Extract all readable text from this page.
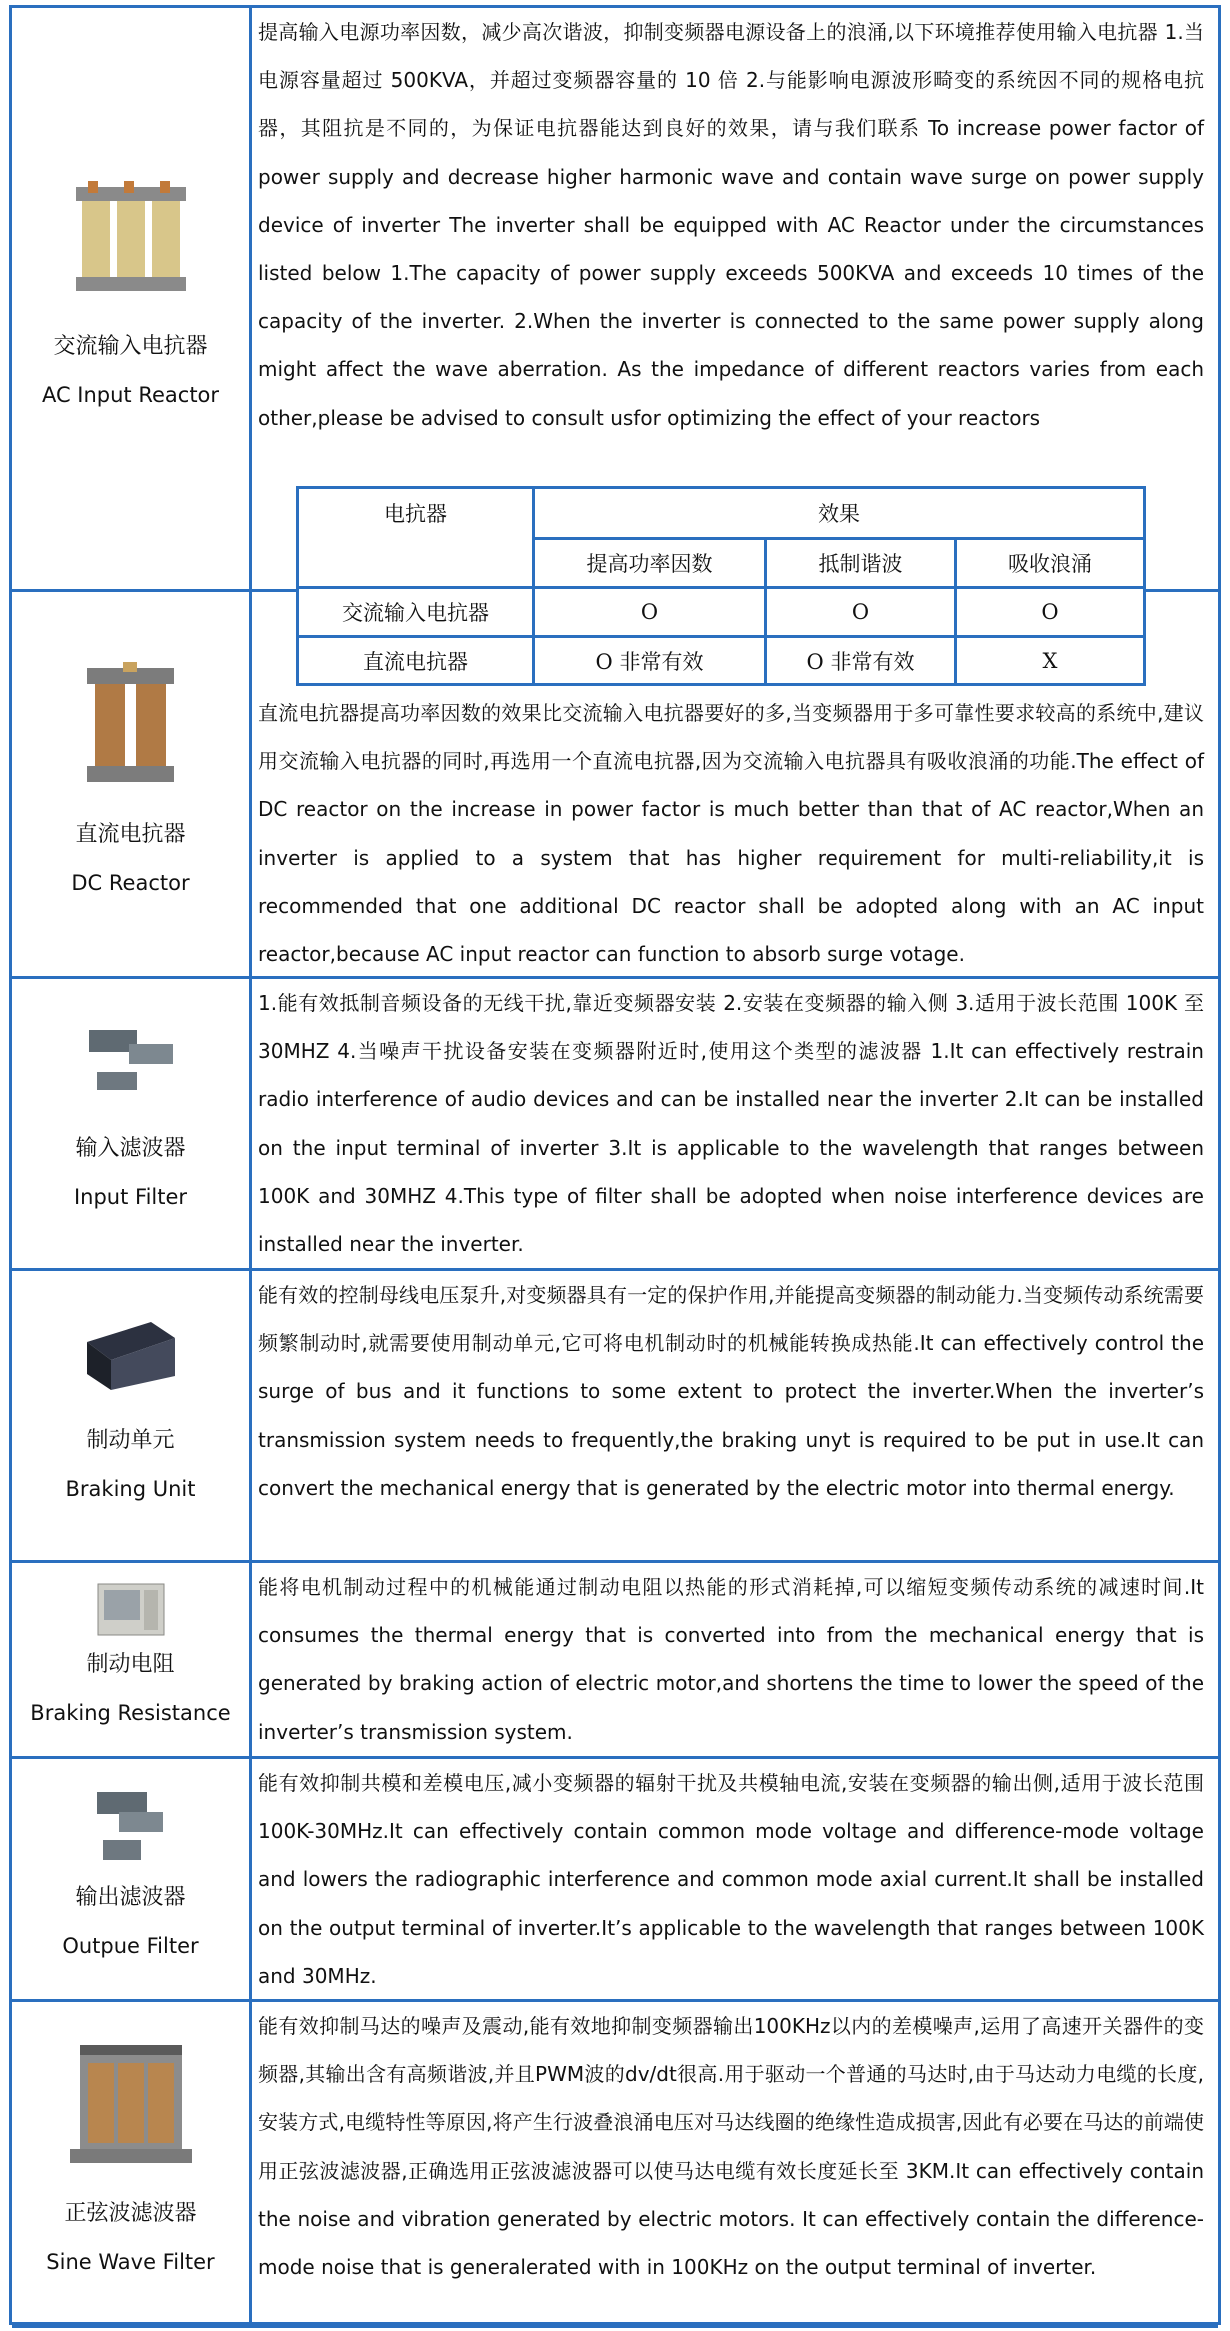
交流输入电抗器
AC Input Reactor

提高输入电源功率因数，减少高次谐波，抑制变频器电源设备上的浪涌,以下环境推荐使用输入电抗器 1.当电源容量超过 500KVA，并超过变频器容量的 10 倍 2.与能影响电源波形畸变的系统因不同的规格电抗器，其阻抗是不同的，为保证电抗器能达到良好的效果，请与我们联系 To increase power factor of power supply and decrease higher harmonic wave and contain wave surge on power supply device of inverter The inverter shall be equipped with AC Reactor under the circumstances listed below 1.The capacity of power supply exceeds 500KVA and exceeds 10 times of the capacity of the inverter. 2.When the inverter is connected to the same power supply along might affect the wave aberration. As the impedance of different reactors varies from each other,please be advised to consult usfor optimizing the effect of your reactors

直流电抗器
DC Reactor

直流电抗器提高功率因数的效果比交流输入电抗器要好的多,当变频器用于多可靠性要求较高的系统中,建议用交流输入电抗器的同时,再选用一个直流电抗器,因为交流输入电抗器具有吸收浪涌的功能.The effect of DC reactor on the increase in power factor is much better than that of AC reactor,When an inverter is applied to a system that has higher requirement for multi-reliability,it is recommended that one additional DC reactor shall be adopted along with an AC input reactor,because AC input reactor can function to absorb surge votage.

输入滤波器
Input Filter

1.能有效抵制音频设备的无线干扰,靠近变频器安装 2.安装在变频器的输入侧 3.适用于波长范围 100K 至 30MHZ 4.当噪声干扰设备安装在变频器附近时,使用这个类型的滤波器 1.It can effectively restrain radio interference of audio devices and can be installed near the inverter 2.It can be installed on the input terminal of inverter 3.It is applicable to the wavelength that ranges between 100K and 30MHZ 4.This type of filter shall be adopted when noise interference devices are installed near the inverter.

制动单元
Braking Unit

能有效的控制母线电压泵升,对变频器具有一定的保护作用,并能提高变频器的制动能力.当变频传动系统需要频繁制动时,就需要使用制动单元,它可将电机制动时的机械能转换成热能.It can effectively control the surge of bus and it functions to some extent to protect the inverter.When the inverter’s transmission system needs to frequently,the braking unyt is required to be put in use.It can convert the mechanical energy that is generated by the electric motor into thermal energy.

制动电阻
Braking Resistance

能将电机制动过程中的机械能通过制动电阻以热能的形式消耗掉,可以缩短变频传动系统的减速时间.It consumes the thermal energy that is converted into from the mechanical energy that is generated by braking action of electric motor,and shortens the time to lower the speed of the inverter’s transmission system.

输出滤波器
Outpue Filter

能有效抑制共模和差模电压,减小变频器的辐射干扰及共模轴电流,安装在变频器的输出侧,适用于波长范围 100K-30MHz.It can effectively contain common mode voltage and difference-mode voltage and lowers the radiographic interference and common mode axial current.It shall be installed on the output terminal of inverter.It’s applicable to the wavelength that ranges between 100K and 30MHz.

正弦波滤波器
Sine Wave Filter

能有效抑制马达的噪声及震动,能有效地抑制变频器输出100KHz以内的差模噪声,运用了高速开关器件的变频器,其输出含有高频谐波,并且PWM波的dv/dt很高.用于驱动一个普通的马达时,由于马达动力电缆的长度,安装方式,电缆特性等原因,将产生行波叠浪涌电压对马达线圈的绝缘性造成损害,因此有必要在马达的前端使用正弦波滤波器,正确选用正弦波滤波器可以使马达电缆有效长度延长至 3KM.It can effectively contain the noise and vibration generated by electric motors. It can effectively contain the difference-mode noise that is generalerated with in 100KHz on the output terminal of inverter.

电抗器	效果
提高功率因数	抵制谐波	吸收浪涌
交流输入电抗器	O	O	O
直流电抗器	O 非常有效	O 非常有效	X
